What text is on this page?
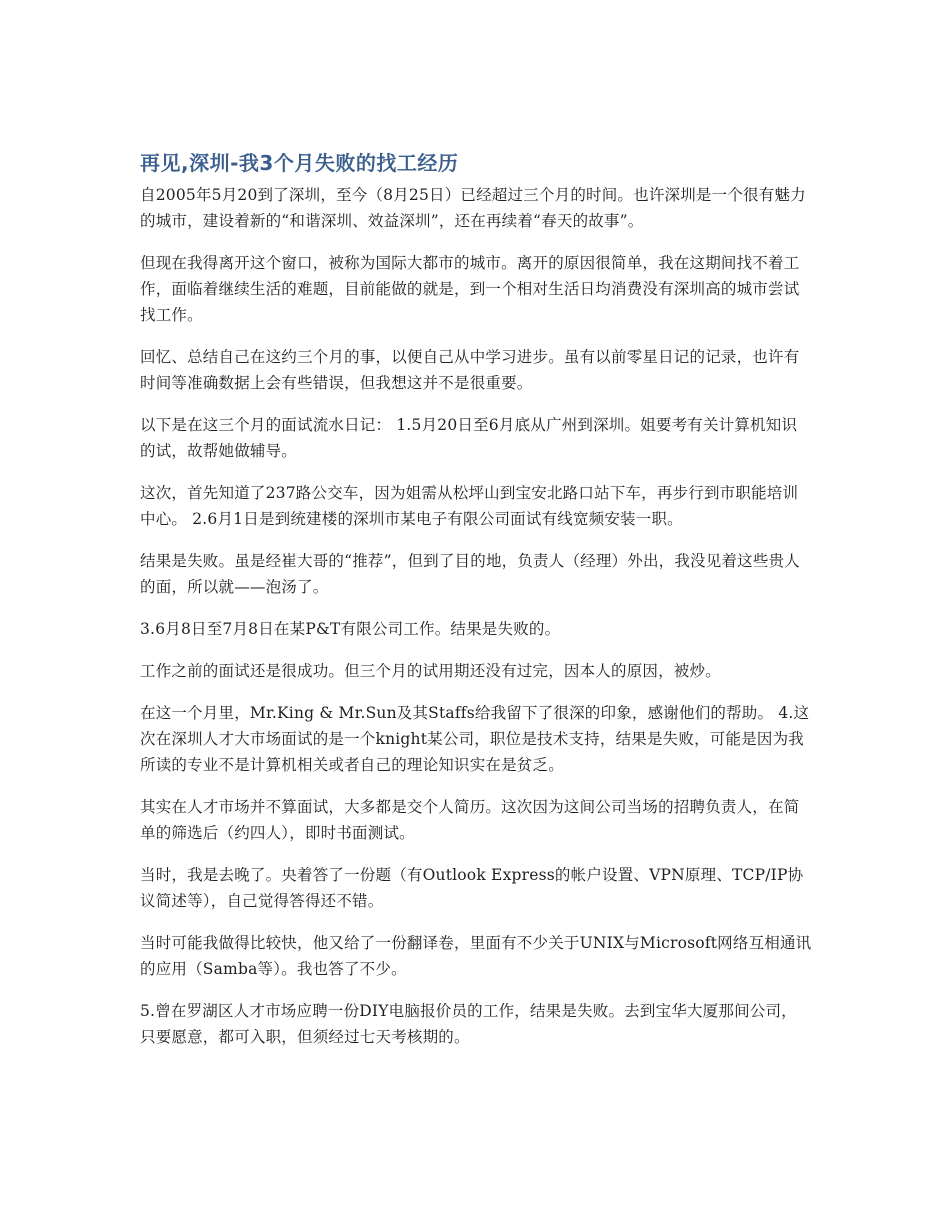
再见,深圳-我3个月失败的找工经历

自2005年5月20到了深圳，至今（8月25日）已经超过三个月的时间。也许深圳是一个很有魅力的城市，建设着新的“和谐深圳、效益深圳”，还在再续着“春天的故事”。

但现在我得离开这个窗口，被称为国际大都市的城市。离开的原因很简单，我在这期间找不着工作，面临着继续生活的难题，目前能做的就是，到一个相对生活日均消费没有深圳高的城市尝试找工作。

回忆、总结自己在这约三个月的事，以便自己从中学习进步。虽有以前零星日记的记录，也许有时间等准确数据上会有些错误，但我想这并不是很重要。

以下是在这三个月的面试流水日记： 1.5月20日至6月底从广州到深圳。姐要考有关计算机知识的试，故帮她做辅导。

这次，首先知道了237路公交车，因为姐需从松坪山到宝安北路口站下车，再步行到市职能培训中心。 2.6月1日是到统建楼的深圳市某电子有限公司面试有线宽频安装一职。

结果是失败。虽是经崔大哥的“推荐”，但到了目的地，负责人（经理）外出，我没见着这些贵人的面，所以就——泡汤了。

3.6月8日至7月8日在某P&T有限公司工作。结果是失败的。

工作之前的面试还是很成功。但三个月的试用期还没有过完，因本人的原因，被炒。

在这一个月里，Mr.King & Mr.Sun及其Staffs给我留下了很深的印象，感谢他们的帮助。 4.这次在深圳人才大市场面试的是一个knight某公司，职位是技术支持，结果是失败，可能是因为我所读的专业不是计算机相关或者自己的理论知识实在是贫乏。

其实在人才市场并不算面试，大多都是交个人简历。这次因为这间公司当场的招聘负责人，在简单的筛选后（约四人），即时书面测试。

当时，我是去晚了。央着答了一份题（有Outlook Express的帐户设置、VPN原理、TCP/IP协议简述等），自己觉得答得还不错。

当时可能我做得比较快，他又给了一份翻译卷，里面有不少关于UNIX与Microsoft网络互相通讯的应用（Samba等）。我也答了不少。

5.曾在罗湖区人才市场应聘一份DIY电脑报价员的工作，结果是失败。去到宝华大厦那间公司，只要愿意，都可入职，但须经过七天考核期的。
